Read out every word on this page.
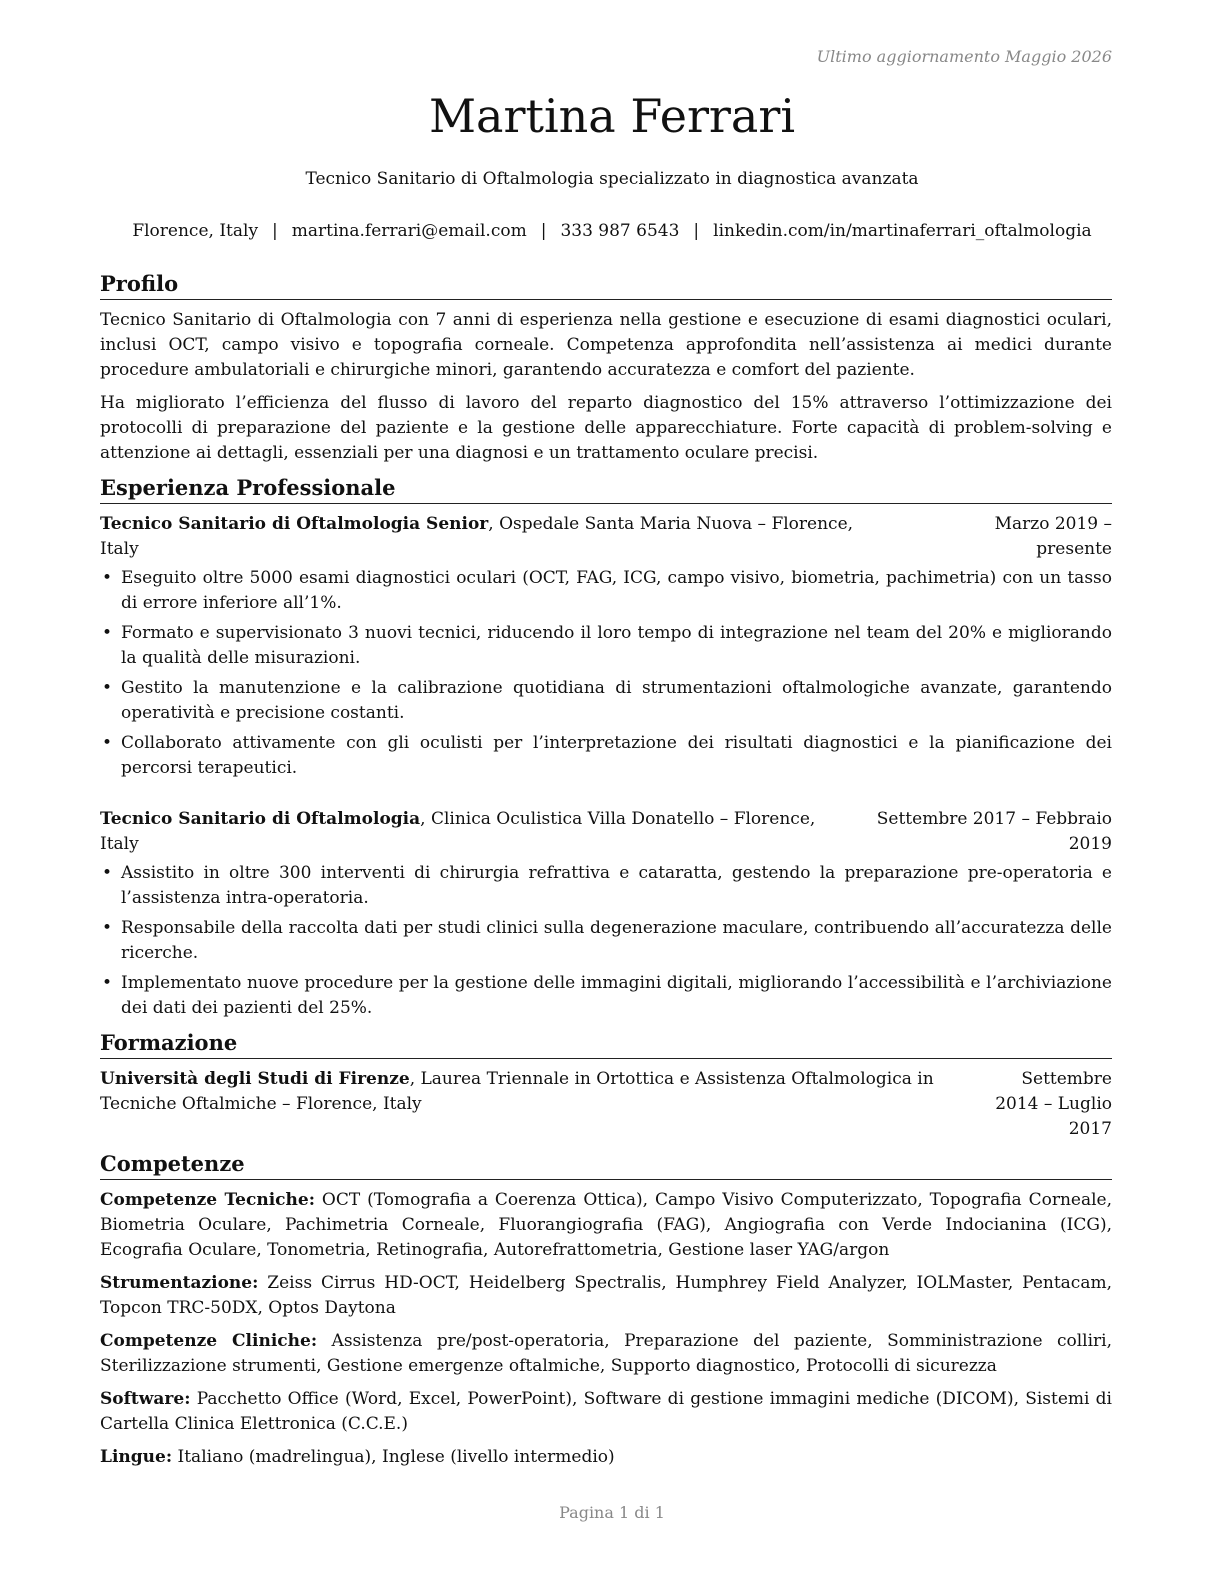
Ultimo aggiornamento Maggio 2026
Martina Ferrari
Tecnico Sanitario di Oftalmologia specializzato in diagnostica avanzata
Florence, Italy | martina.ferrari@email.com | 333 987 6543 | linkedin.com/in/martinaferrari_oftalmologia
Profilo

Tecnico Sanitario di Oftalmologia con 7 anni di esperienza nella gestione e esecuzione di esami diagnostici oculari, inclusi OCT, campo visivo e topografia corneale. Competenza approfondita nell’assistenza ai medici durante procedure ambulatoriali e chirurgiche minori, garantendo accuratezza e comfort del paziente.

Ha migliorato l’efficienza del flusso di lavoro del reparto diagnostico del 15% attraverso l’ottimizzazione dei protocolli di preparazione del paziente e la gestione delle apparecchiature. Forte capacità di problem-solving e attenzione ai dettagli, essenziali per una diagnosi e un trattamento oculare precisi.

Esperienza Professionale
Tecnico Sanitario di Oftalmologia Senior, Ospedale Santa Maria Nuova – Florence, Italy
Marzo 2019 – presente
• Eseguito oltre 5000 esami diagnostici oculari (OCT, FAG, ICG, campo visivo, biometria, pachimetria) con un tasso di errore inferiore all’1%.
• Formato e supervisionato 3 nuovi tecnici, riducendo il loro tempo di integrazione nel team del 20% e migliorando la qualità delle misurazioni.
• Gestito la manutenzione e la calibrazione quotidiana di strumentazioni oftalmologiche avanzate, garantendo operatività e precisione costanti.
• Collaborato attivamente con gli oculisti per l’interpretazione dei risultati diagnostici e la pianificazione dei percorsi terapeutici.
Tecnico Sanitario di Oftalmologia, Clinica Oculistica Villa Donatello – Florence, Italy
Settembre 2017 – Febbraio 2019
• Assistito in oltre 300 interventi di chirurgia refrattiva e cataratta, gestendo la preparazione pre-operatoria e l’assistenza intra-operatoria.
• Responsabile della raccolta dati per studi clinici sulla degenerazione maculare, contribuendo all’accuratezza delle ricerche.
• Implementato nuove procedure per la gestione delle immagini digitali, migliorando l’accessibilità e l’archiviazione dei dati dei pazienti del 25%.
Formazione
Università degli Studi di Firenze, Laurea Triennale in Ortottica e Assistenza Oftalmologica in Tecniche Oftalmiche – Florence, Italy
Settembre 2014 – Luglio 2017
Competenze

Competenze Tecniche: OCT (Tomografia a Coerenza Ottica), Campo Visivo Computerizzato, Topografia Corneale, Biometria Oculare, Pachimetria Corneale, Fluorangiografia (FAG), Angiografia con Verde Indocianina (ICG), Ecografia Oculare, Tonometria, Retinografia, Autorefrattometria, Gestione laser YAG/argon

Strumentazione: Zeiss Cirrus HD-OCT, Heidelberg Spectralis, Humphrey Field Analyzer, IOLMaster, Pentacam, Topcon TRC-50DX, Optos Daytona

Competenze Cliniche: Assistenza pre/post-operatoria, Preparazione del paziente, Somministrazione colliri, Sterilizzazione strumenti, Gestione emergenze oftalmiche, Supporto diagnostico, Protocolli di sicurezza

Software: Pacchetto Office (Word, Excel, PowerPoint), Software di gestione immagini mediche (DICOM), Sistemi di Cartella Clinica Elettronica (C.C.E.)

Lingue: Italiano (madrelingua), Inglese (livello intermedio)

Pagina 1 di 1
